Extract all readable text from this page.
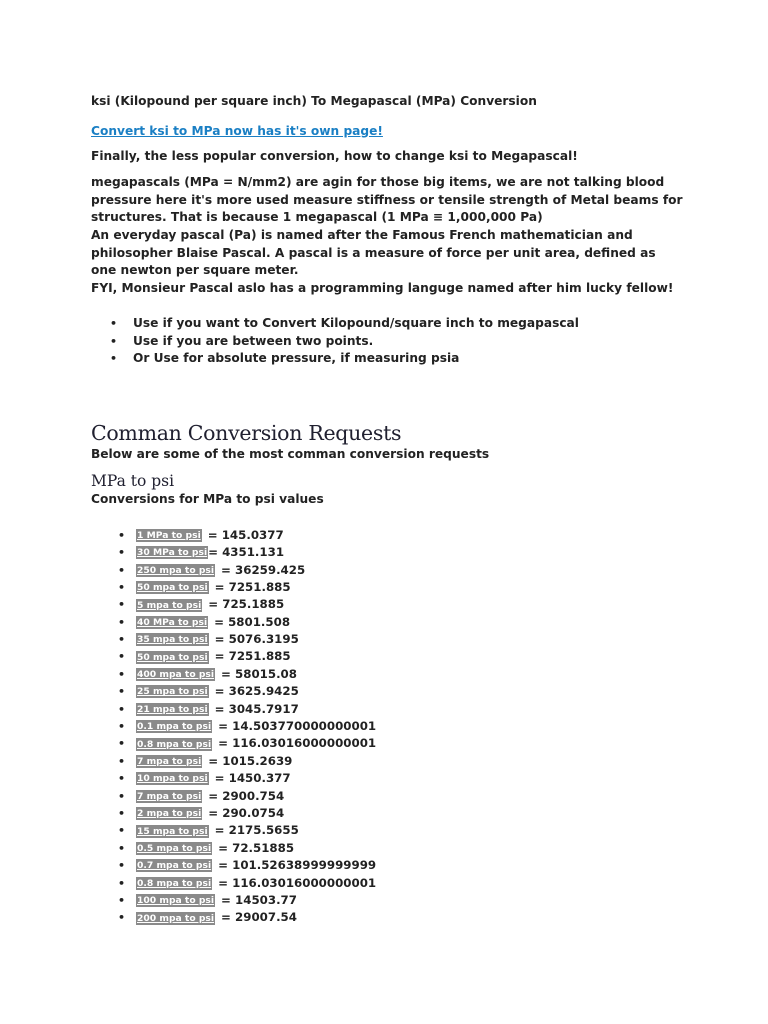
ksi (Kilopound per square inch) To Megapascal (MPa) Conversion

Convert ksi to MPa now has it's own page!

Finally, the less popular conversion, how to change ksi to Megapascal!

megapascals (MPa = N/mm2) are agin for those big items, we are not talking blood

pressure here it's more used measure stiffness or tensile strength of Metal beams for

structures. That is because 1 megapascal (1 MPa ≡ 1,000,000 Pa)

An everyday pascal (Pa) is named after the Famous French mathematician and

philosopher Blaise Pascal. A pascal is a measure of force per unit area, defined as

one newton per square meter.

FYI, Monsieur Pascal aslo has a programming languge named after him lucky fellow!

• Use if you want to Convert Kilopound/square inch to megapascal
• Use if you are between two points.
• Or Use for absolute pressure, if measuring psia
Comman Conversion Requests

Below are some of the most comman conversion requests

MPa to psi

Conversions for MPa to psi values

• 1 MPa to psi = 145.0377
• 30 MPa to psi= 4351.131
• 250 mpa to psi = 36259.425
• 50 mpa to psi = 7251.885
• 5 mpa to psi = 725.1885
• 40 MPa to psi = 5801.508
• 35 mpa to psi = 5076.3195
• 50 mpa to psi = 7251.885
• 400 mpa to psi = 58015.08
• 25 mpa to psi = 3625.9425
• 21 mpa to psi = 3045.7917
• 0.1 mpa to psi = 14.503770000000001
• 0.8 mpa to psi = 116.03016000000001
• 7 mpa to psi = 1015.2639
• 10 mpa to psi = 1450.377
• 7 mpa to psi = 2900.754
• 2 mpa to psi = 290.0754
• 15 mpa to psi = 2175.5655
• 0.5 mpa to psi = 72.51885
• 0.7 mpa to psi = 101.52638999999999
• 0.8 mpa to psi = 116.03016000000001
• 100 mpa to psi = 14503.77
• 200 mpa to psi = 29007.54
